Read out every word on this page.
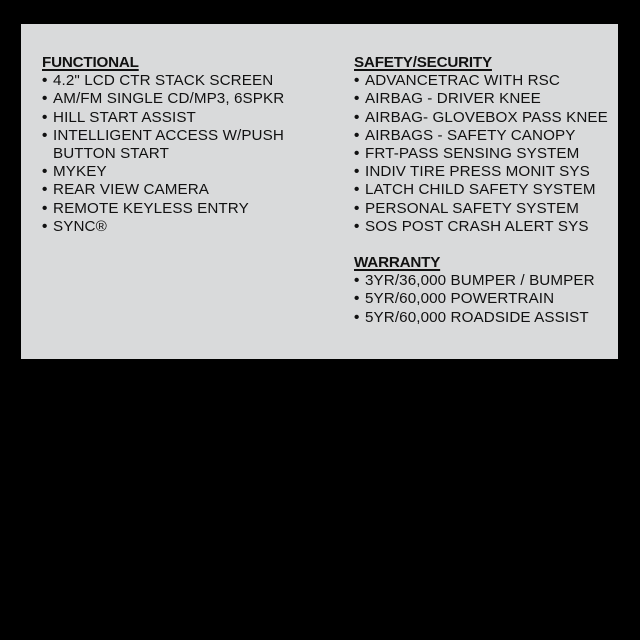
FUNCTIONAL
• 4.2" LCD CTR STACK SCREEN
• AM/FM SINGLE CD/MP3, 6SPKR
• HILL START ASSIST
• INTELLIGENT ACCESS W/PUSH
BUTTON START
• MYKEY
• REAR VIEW CAMERA
• REMOTE KEYLESS ENTRY
• SYNC®
SAFETY/SECURITY
• ADVANCETRAC WITH RSC
• AIRBAG - DRIVER KNEE
• AIRBAG- GLOVEBOX PASS KNEE
• AIRBAGS - SAFETY CANOPY
• FRT-PASS SENSING SYSTEM
• INDIV TIRE PRESS MONIT SYS
• LATCH CHILD SAFETY SYSTEM
• PERSONAL SAFETY SYSTEM
• SOS POST CRASH ALERT SYS
WARRANTY
• 3YR/36,000 BUMPER / BUMPER
• 5YR/60,000 POWERTRAIN
• 5YR/60,000 ROADSIDE ASSIST
